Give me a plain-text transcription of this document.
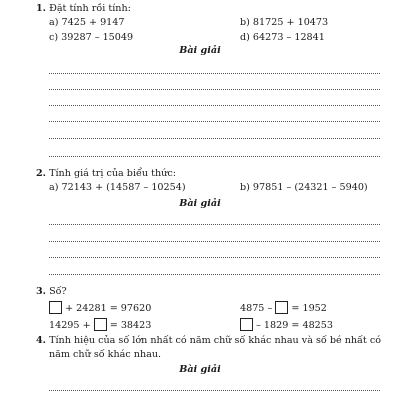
1. Đặt tính rồi tính:
a) 7425 + 9147	b) 81725 + 10473
c) 39287 – 15049	d) 64273 – 12841
Bài giải
2. Tính giá trị của biểu thức:
a) 72143 + (14587 – 10254)	b) 97851 – (24321 – 5940)
Bài giải
3. Số?
+ 24281 = 97620	4875 – = 1952
14295 + = 38423	– 1829 = 48253
4. Tính hiệu của số lớn nhất có năm chữ số khác nhau và số bé nhất có
năm chữ số khác nhau.
Bài giải
